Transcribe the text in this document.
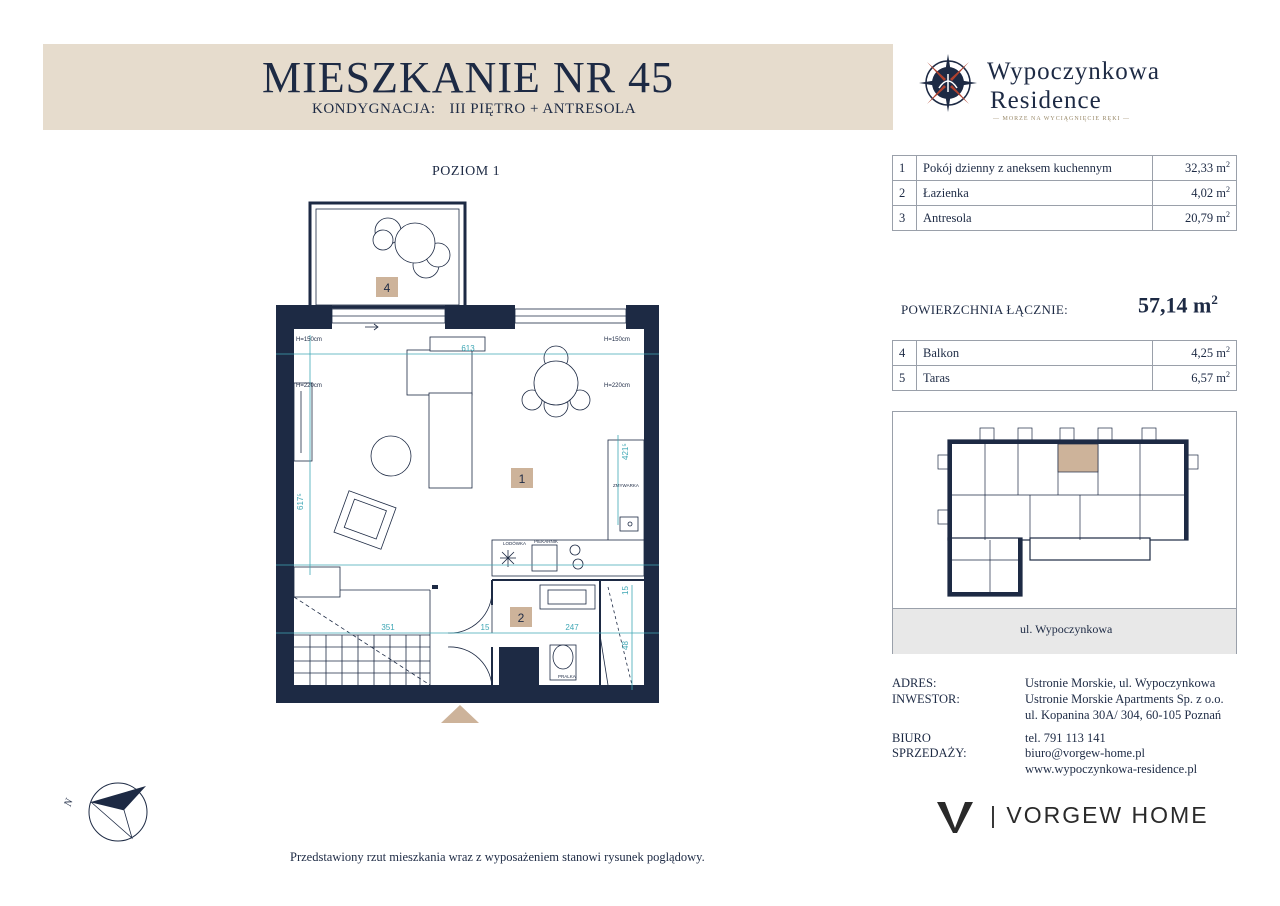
MIESZKANIE NR 45
KONDYGNACJA: III PIĘTRO + ANTRESOLA
Wypoczynkowa
Residence
— MORZE NA WYCIĄGNIĘCIE RĘKI —
POZIOM 1
4
LODÓWKA PIEKARNIK
ZMYWARKA
PRALKA
1
2
613
617⁵
421⁵
351	15	247
15
48
H=150cm	H=150cm
H=220cm	H=220cm
1	Pokój dzienny z aneksem kuchennym	32,33 $m^2$
2	Łazienka	4,02 $m^2$
3	Antresola	20,79 $m^2$
POWIERZCHNIA ŁĄCZNIE:	57,14 $m^2$
4	Balkon	4,25 $m^2$
5	Taras	6,57 $m^2$
ul. Wypoczynkowa
ADRES:	Ustronie Morskie, ul. Wypoczynkowa
INWESTOR:	Ustronie Morskie Apartments Sp. z o.o.
ul. Kopanina 30A/ 304, 60-105 Poznań
BIURO
SPRZEDAŻY:
tel. 791 113 141
biuro@vorgew-home.pl
www.wypoczynkowa-residence.pl
| VORGEW HOME
N
Przedstawiony rzut mieszkania wraz z wyposażeniem stanowi rysunek poglądowy.
